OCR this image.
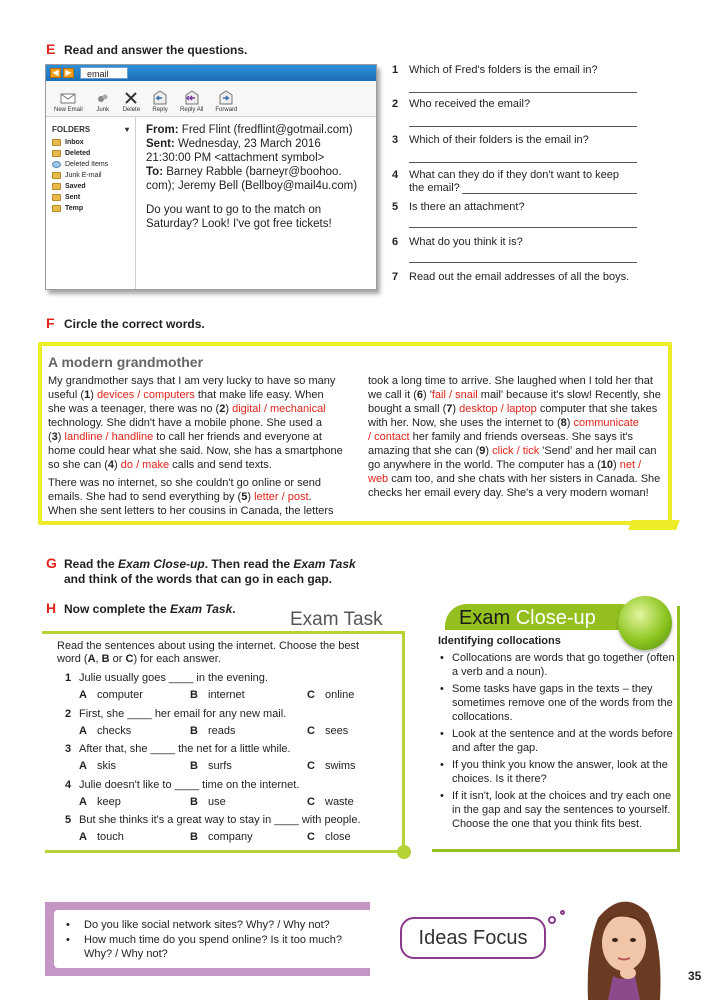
E Read and answer the questions.
◀ ▶	email
New Email Junk Delete Reply Reply All Forward
FOLDERS	▾
Inbox
Deleted
Deleted Items
Junk E-mail
Saved
Sent
Temp
From: Fred Flint (fredflint@gotmail.com)
Sent: Wednesday, 23 March 2016
21:30:00 PM <attachment symbol>
To: Barney Rabble (barneyr@boohoo.
com); Jeremy Bell (Bellboy@mail4u.com)
Do you want to go to the match on
Saturday? Look! I've got free tickets!
1 Which of Fred's folders is the email in?
2 Who received the email?
3 Which of their folders is the email in?
4 What can they do if they don't want to keep
the email?
5 Is there an attachment?
6 What do you think it is?
7 Read out the email addresses of all the boys.
F Circle the correct words.
A modern grandmother
My grandmother says that I am very lucky to have so many
useful (1) devices / computers that make life easy. When
she was a teenager, there was no (2) digital / mechanical
technology. She didn't have a mobile phone. She used a
(3) landline / handline to call her friends and everyone at
home could hear what she said. Now, she has a smartphone
so she can (4) do / make calls and send texts.
There was no internet, so she couldn't go online or send
emails. She had to send everything by (5) letter / post.
When she sent letters to her cousins in Canada, the letters
took a long time to arrive. She laughed when I told her that
we call it (6) 'fail / snail mail' because it's slow! Recently, she
bought a small (7) desktop / laptop computer that she takes
with her. Now, she uses the internet to (8) communicate
/ contact her family and friends overseas. She says it's
amazing that she can (9) click / tick 'Send' and her mail can
go anywhere in the world. The computer has a (10) net /
web cam too, and she chats with her sisters in Canada. She
checks her email every day. She's a very modern woman!
G Read the Exam Close-up. Then read the Exam Task
and think of the words that can go in each gap.
H Now complete the Exam Task.	Exam Task
Read the sentences about using the internet. Choose the best
word (A, B or C) for each answer.
1 Julie usually goes ____ in the evening.
A computer	B internet	C online
2 First, she ____ her email for any new mail.
A checks	B reads	C sees
3 After that, she ____ the net for a little while.
A skis	B surfs	C swims
4 Julie doesn't like to ____ time on the internet.
A keep	B use	C waste
5 But she thinks it's a great way to stay in ____ with people.
A touch	B company	C close
Exam Close-up
Identifying collocations
• Collocations are words that go together (often a verb and a noun).
• Some tasks have gaps in the texts – they sometimes remove one of the words from the collocations.
• Look at the sentence and at the words before and after the gap.
• If you think you know the answer, look at the choices. Is it there?
• If it isn't, look at the choices and try each one in the gap and say the sentences to yourself. Choose the one that you think fits best.
• Do you like social network sites? Why? / Why not?
• How much time do you spend online? Is it too much?
Why? / Why not?
Ideas Focus
35
